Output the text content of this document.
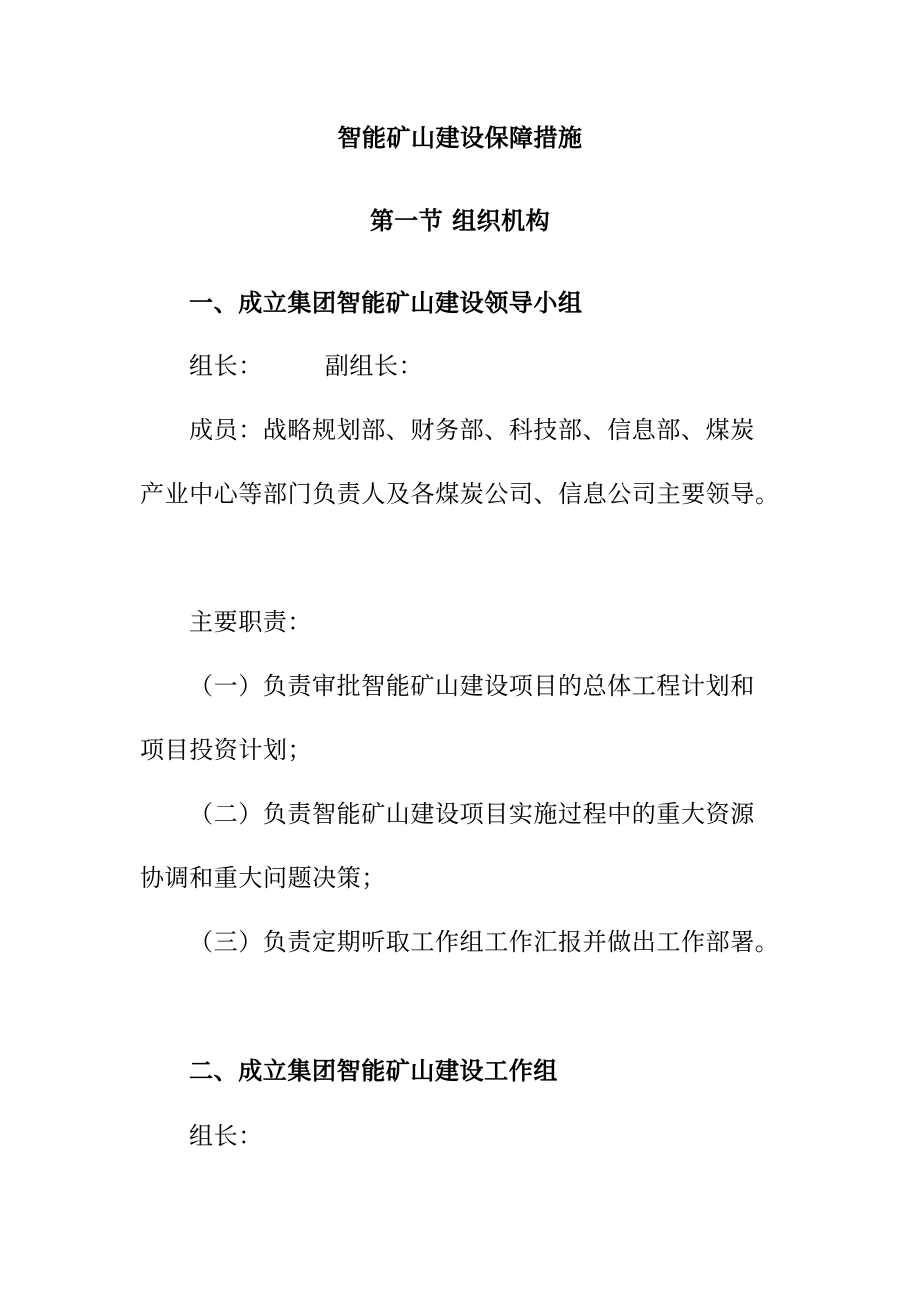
智能矿山建设保障措施
第一节 组织机构
一、成立集团智能矿山建设领导小组
组长：	副组长：
成员：战略规划部、财务部、科技部、信息部、煤炭
产业中心等部门负责人及各煤炭公司、信息公司主要领导。
主要职责：
（一）负责审批智能矿山建设项目的总体工程计划和
项目投资计划；
（二）负责智能矿山建设项目实施过程中的重大资源
协调和重大问题决策；
（三）负责定期听取工作组工作汇报并做出工作部署。
二、成立集团智能矿山建设工作组
组长：
